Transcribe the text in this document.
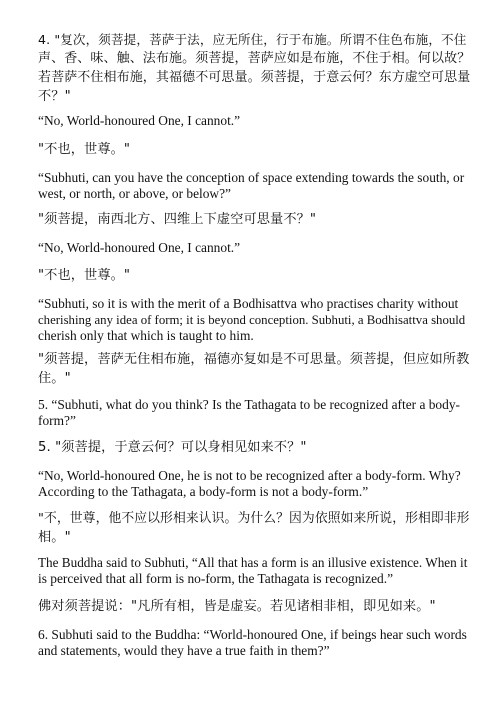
4. "复次，须菩提，菩萨于法，应无所住，行于布施。所谓不住色布施，不住
声、香、味、触、法布施。须菩提，菩萨应如是布施，不住于相。何以故？
若菩萨不住相布施，其福德不可思量。须菩提，于意云何？东方虚空可思量
不？"

“No, World-honoured One, I cannot.”

"不也，世尊。"

“Subhuti, can you have the conception of space extending towards the south, or
west, or north, or above, or below?”

"须菩提，南西北方、四维上下虚空可思量不？"

“No, World-honoured One, I cannot.”

"不也，世尊。"

“Subhuti, so it is with the merit of a Bodhisattva who practises charity without
cherishing any idea of form; it is beyond conception. Subhuti, a Bodhisattva should
cherish only that which is taught to him.

"须菩提，菩萨无住相布施，福德亦复如是不可思量。须菩提，但应如所教
住。"

5. “Subhuti, what do you think? Is the Tathagata to be recognized after a body-
form?”

5. "须菩提，于意云何？可以身相见如来不？"

“No, World-honoured One, he is not to be recognized after a body-form. Why?
According to the Tathagata, a body-form is not a body-form.”

"不，世尊，他不应以形相来认识。为什么？因为依照如来所说，形相即非形
相。"

The Buddha said to Subhuti, “All that has a form is an illusive existence. When it
is perceived that all form is no-form, the Tathagata is recognized.”

佛对须菩提说："凡所有相，皆是虚妄。若见诸相非相，即见如来。"

6. Subhuti said to the Buddha: “World-honoured One, if beings hear such words
and statements, would they have a true faith in them?”
